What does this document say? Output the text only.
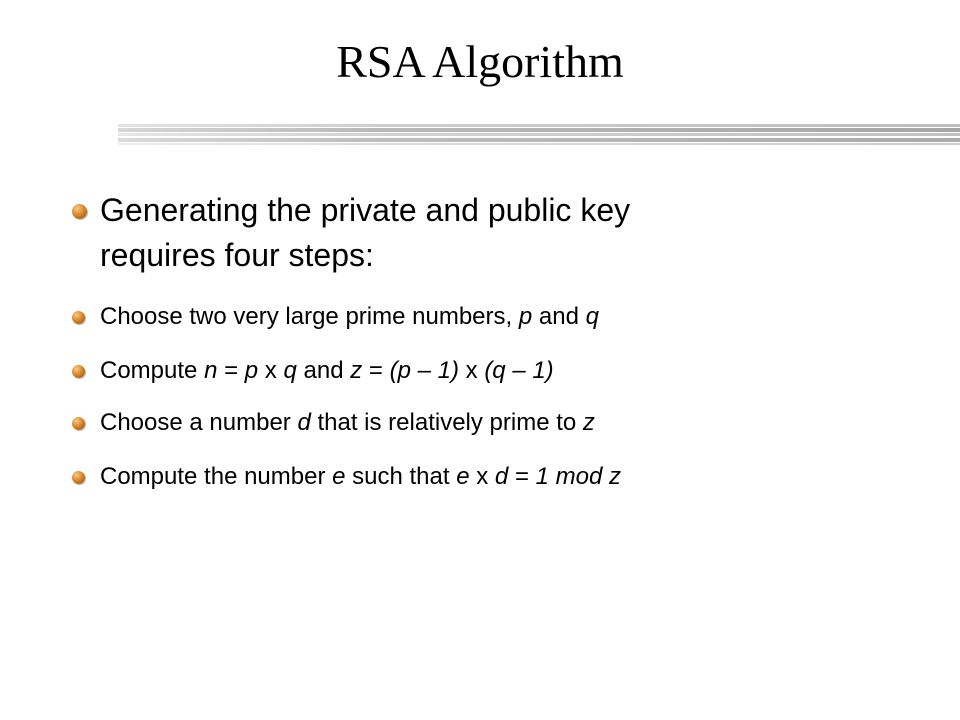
RSA Algorithm
Generating the private and public key
requires four steps:
Choose two very large prime numbers, p and q
Compute n = p x q and z = (p – 1) x (q – 1)
Choose a number d that is relatively prime to z
Compute the number e such that e x d = 1 mod z
